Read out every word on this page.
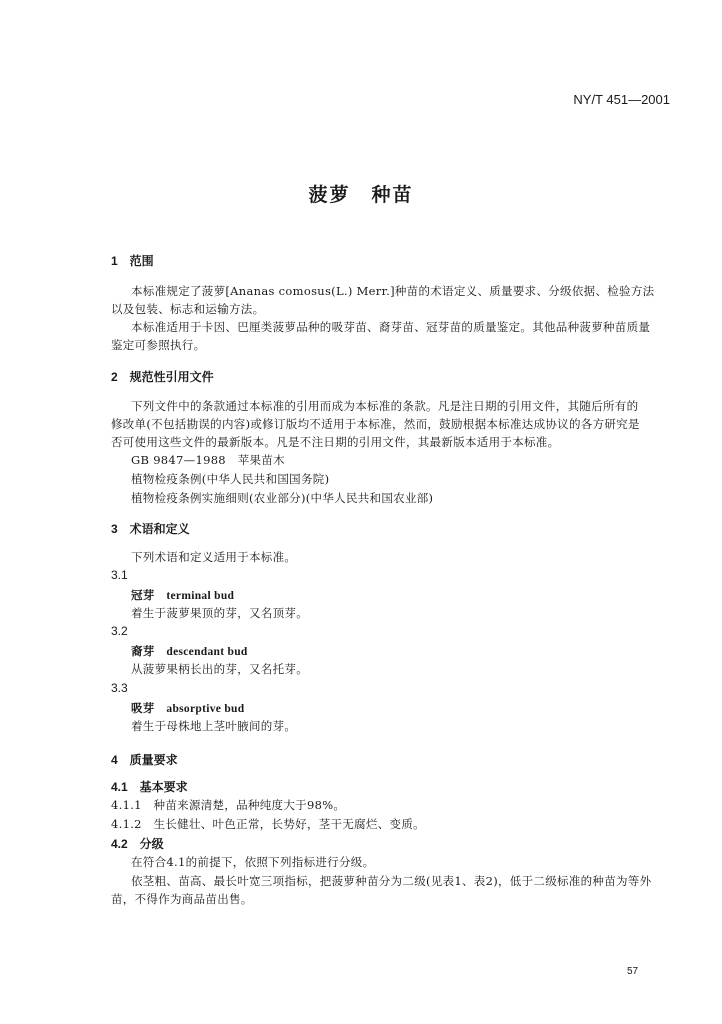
NY/T 451—2001
菠萝　种苗
1　范围
本标准规定了菠萝[Ananas comosus(L.) Merr.]种苗的术语定义、质量要求、分级依据、检验方法
以及包装、标志和运输方法。
本标准适用于卡因、巴厘类菠萝品种的吸芽苗、裔芽苗、冠芽苗的质量鉴定。其他品种菠萝种苗质量
鉴定可参照执行。
2　规范性引用文件
下列文件中的条款通过本标准的引用而成为本标准的条款。凡是注日期的引用文件，其随后所有的
修改单(不包括勘误的内容)或修订版均不适用于本标准，然而，鼓励根据本标准达成协议的各方研究是
否可使用这些文件的最新版本。凡是不注日期的引用文件，其最新版本适用于本标准。
GB 9847—1988　苹果苗木
植物检疫条例(中华人民共和国国务院)
植物检疫条例实施细则(农业部分)(中华人民共和国农业部)
3　术语和定义
下列术语和定义适用于本标准。
3.1
冠芽　terminal bud
着生于菠萝果顶的芽，又名顶芽。
3.2
裔芽　descendant bud
从菠萝果柄长出的芽，又名托芽。
3.3
吸芽　absorptive bud
着生于母株地上茎叶腋间的芽。
4　质量要求
4.1　基本要求
4.1.1　种苗来源清楚，品种纯度大于98%。
4.1.2　生长健壮、叶色正常，长势好，茎干无腐烂、变质。
4.2　分级
在符合4.1的前提下，依照下列指标进行分级。
依茎粗、苗高、最长叶宽三项指标，把菠萝种苗分为二级(见表1、表2)，低于二级标准的种苗为等外
苗，不得作为商品苗出售。
57
